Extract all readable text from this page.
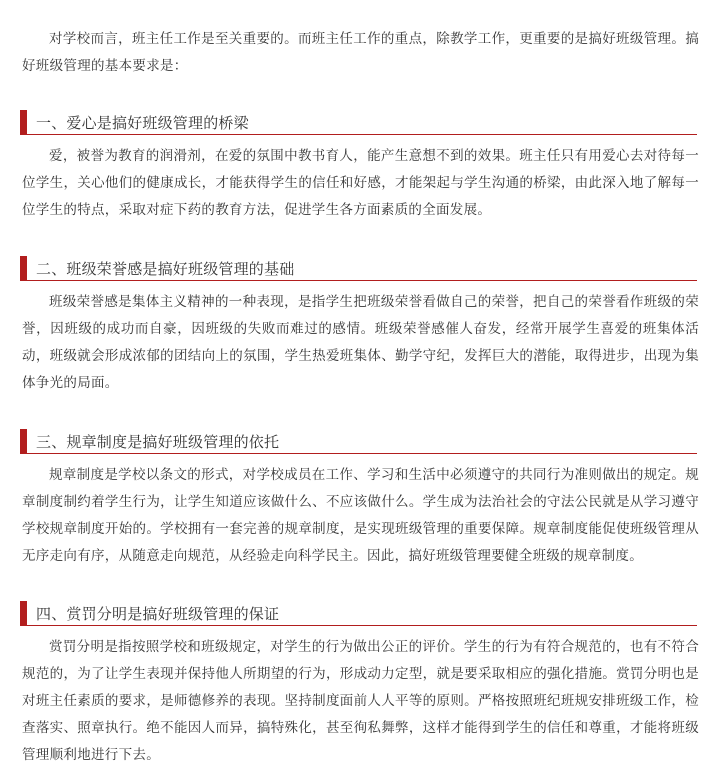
对学校而言，班主任工作是至关重要的。而班主任工作的重点，除教学工作，更重要的是搞好班级管理。搞好班级管理的基本要求是：

一、爱心是搞好班级管理的桥梁

爱，被誉为教育的润滑剂，在爱的氛围中教书育人，能产生意想不到的效果。班主任只有用爱心去对待每一位学生，关心他们的健康成长，才能获得学生的信任和好感，才能架起与学生沟通的桥梁，由此深入地了解每一位学生的特点，采取对症下药的教育方法，促进学生各方面素质的全面发展。

二、班级荣誉感是搞好班级管理的基础

班级荣誉感是集体主义精神的一种表现，是指学生把班级荣誉看做自己的荣誉，把自己的荣誉看作班级的荣誉，因班级的成功而自豪，因班级的失败而难过的感情。班级荣誉感催人奋发，经常开展学生喜爱的班集体活动，班级就会形成浓郁的团结向上的氛围，学生热爱班集体、勤学守纪，发挥巨大的潜能，取得进步，出现为集体争光的局面。

三、规章制度是搞好班级管理的依托

规章制度是学校以条文的形式，对学校成员在工作、学习和生活中必须遵守的共同行为准则做出的规定。规章制度制约着学生行为，让学生知道应该做什么、不应该做什么。学生成为法治社会的守法公民就是从学习遵守学校规章制度开始的。学校拥有一套完善的规章制度，是实现班级管理的重要保障。规章制度能促使班级管理从无序走向有序，从随意走向规范，从经验走向科学民主。因此，搞好班级管理要健全班级的规章制度。

四、赏罚分明是搞好班级管理的保证

赏罚分明是指按照学校和班级规定，对学生的行为做出公正的评价。学生的行为有符合规范的，也有不符合规范的，为了让学生表现并保持他人所期望的行为，形成动力定型，就是要采取相应的强化措施。赏罚分明也是对班主任素质的要求，是师德修养的表现。坚持制度面前人人平等的原则。严格按照班纪班规安排班级工作，检查落实、照章执行。绝不能因人而异，搞特殊化，甚至徇私舞弊，这样才能得到学生的信任和尊重，才能将班级管理顺利地进行下去。
